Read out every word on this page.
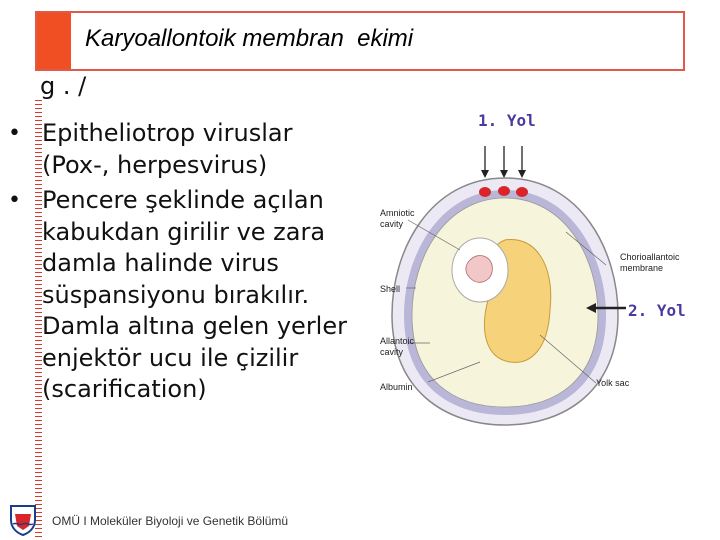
Karyoallontoik membran  ekimi
g . /
• Epitheliotrop viruslar (Pox-, herpesvirus)
• Pencere şeklinde açılan kabukdan girilir ve zara damla halinde virus süspansiyonu bırakılır. Damla altına gelen yerler enjektör ucu ile çizilir (scarification)
1. Yol
2. Yol
Amniotic
cavity
Shell
Allantoic
cavity
Albumin
Chorioallantoic
membrane
Yolk sac
OMÜ I Moleküler Biyoloji ve Genetik Bölümü
